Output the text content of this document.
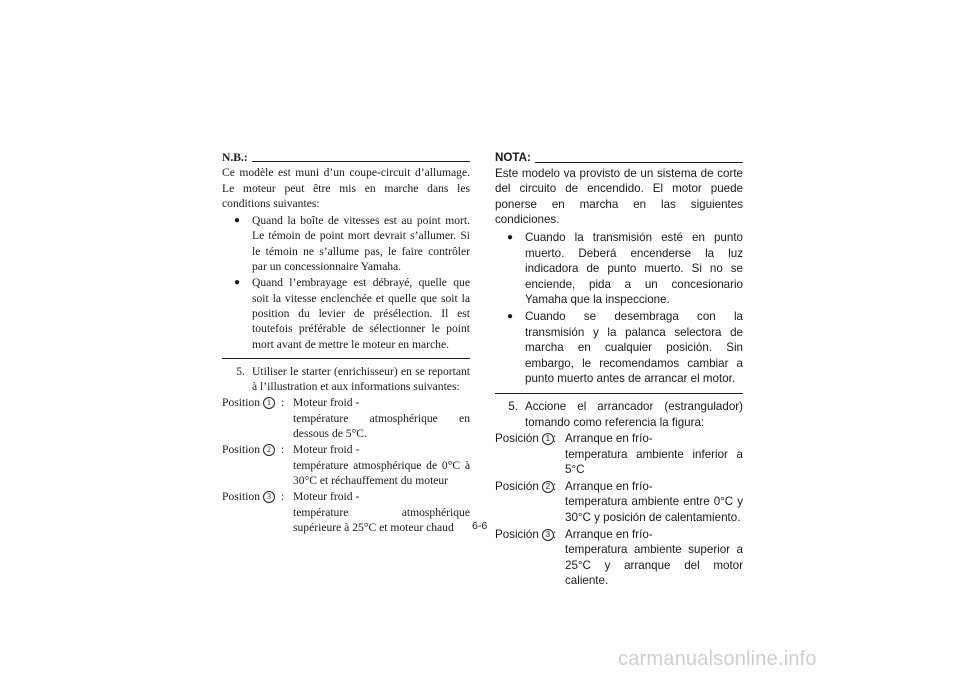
N.B.:
Ce modèle est muni d’un coupe-circuit d’allumage. Le moteur peut être mis en marche dans les conditions suivantes:
● Quand la boîte de vitesses est au point mort. Le témoin de point mort devrait s’allumer. Si le témoin ne s’allume pas, le faire contrôler par un concessionnaire Yamaha.
● Quand l’embrayage est débrayé, quelle que soit la vitesse enclenchée et quelle que soit la position du levier de présélection. Il est toutefois préférable de sélectionner le point mort avant de mettre le moteur en marche.
5. Utiliser le starter (enrichisseur) en se reportant à l’illustration et aux informations suivantes:
Position 1 : Moteur froid -
température atmosphérique en dessous de 5°C.
Position 2 : Moteur froid -
température atmosphérique de 0°C à 30°C et réchauffement du moteur
Position 3 : Moteur froid -
température atmosphérique supérieure à 25°C et moteur chaud
NOTA:
Este modelo va provisto de un sistema de corte del circuito de encendido. El motor puede ponerse en marcha en las siguientes condiciones.
● Cuando la transmisión esté en punto muerto. Deberá encenderse la luz indicadora de punto muerto. Si no se enciende, pida a un concesionario Yamaha que la inspeccione.
● Cuando se desembraga con la transmisión y la palanca selectora de marcha en cualquier posición. Sin embargo, le recomendamos cambiar a punto muerto antes de arrancar el motor.
5. Accione el arrancador (estrangulador) tomando como referencia la figura:
Posición 1 : Arranque en frío-
temperatura ambiente inferior a 5°C
Posición 2 : Arranque en frío-
temperatura ambiente entre 0°C y 30°C y posición de calentamiento.
Posición 3 : Arranque en frío-
temperatura ambiente superior a 25°C y arranque del motor caliente.
6-6
carmanualsonline.info
